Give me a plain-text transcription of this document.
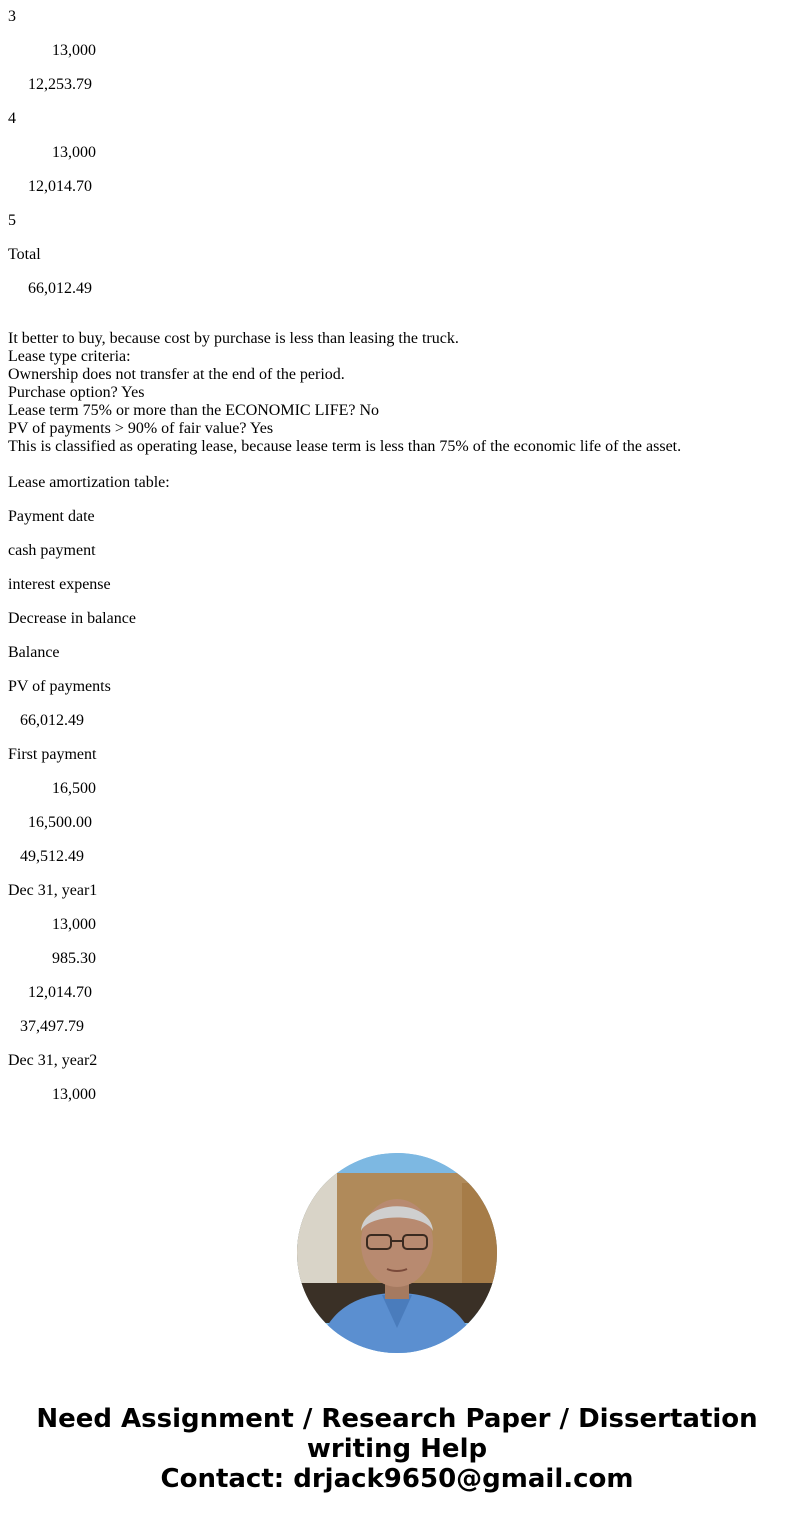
3
13,000
12,253.79
4
13,000
12,014.70
5
Total
66,012.49
It better to buy, because cost by purchase is less than leasing the truck.
Lease type criteria:
Ownership does not transfer at the end of the period.
Purchase option? Yes
Lease term 75% or more than the ECONOMIC LIFE? No
PV of payments > 90% of fair value? Yes
This is classified as operating lease, because lease term is less than 75% of the economic life of the asset.
Lease amortization table:
Payment date
cash payment
interest expense
Decrease in balance
Balance
PV of payments
66,012.49
First payment
16,500
16,500.00
49,512.49
Dec 31, year1
13,000
985.30
12,014.70
37,497.79
Dec 31, year2
13,000
Need Assignment / Research Paper / Dissertation
writing Help
Contact: drjack9650@gmail.com
